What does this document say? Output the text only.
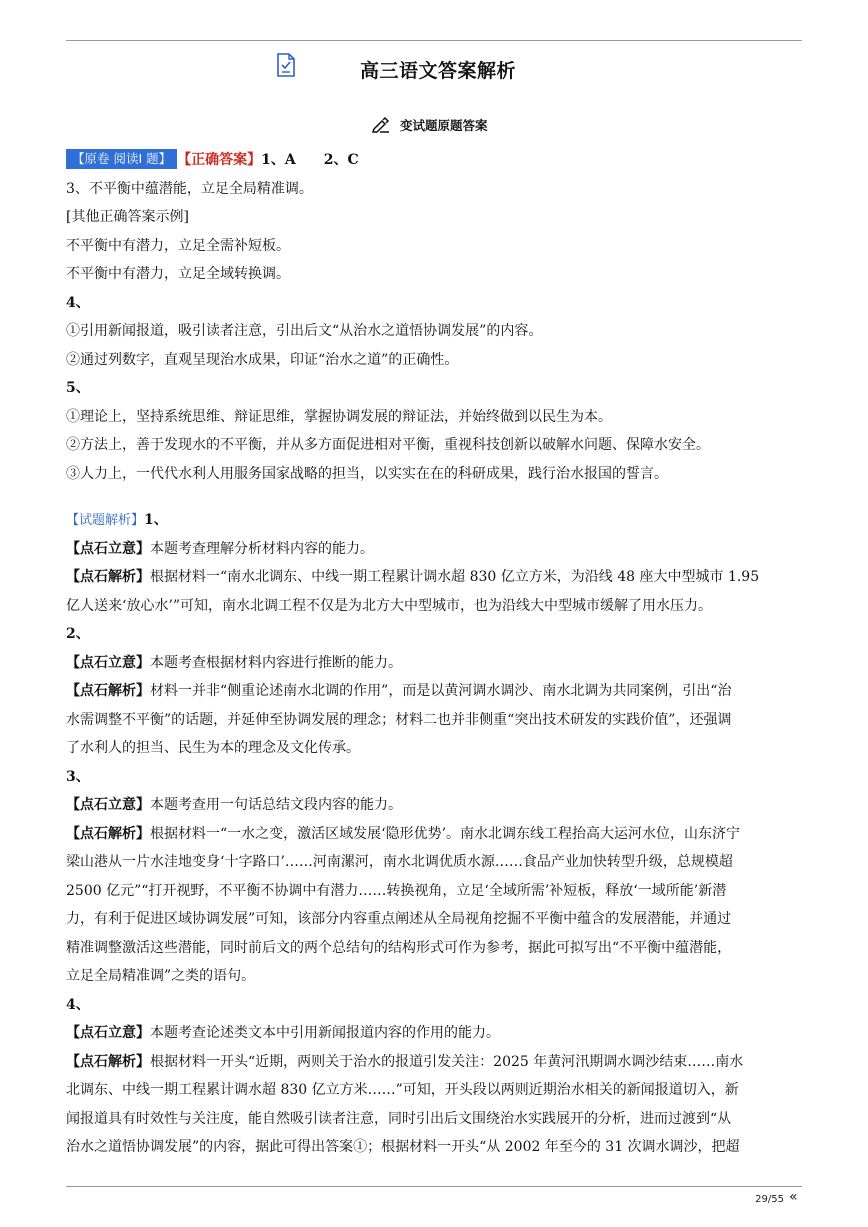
高三语文答案解析
变试题原题答案
【原卷 阅读Ⅰ 题】 【正确答案】1、A　　2、C
3、不平衡中蕴潜能，立足全局精准调。
[其他正确答案示例]
不平衡中有潜力，立足全需补短板。
不平衡中有潜力，立足全域转换调。
4、
①引用新闻报道，吸引读者注意，引出后文“从治水之道悟协调发展”的内容。
②通过列数字，直观呈现治水成果，印证“治水之道”的正确性。
5、
①理论上，坚持系统思维、辩证思维，掌握协调发展的辩证法，并始终做到以民生为本。
②方法上，善于发现水的不平衡，并从多方面促进相对平衡，重视科技创新以破解水问题、保障水安全。
③人力上，一代代水利人用服务国家战略的担当，以实实在在的科研成果，践行治水报国的誓言。
【试题解析】1、
【点石立意】本题考查理解分析材料内容的能力。
【点石解析】根据材料一“南水北调东、中线一期工程累计调水超 830 亿立方米，为沿线 48 座大中型城市 1.95
亿人送来‘放心水’”可知，南水北调工程不仅是为北方大中型城市，也为沿线大中型城市缓解了用水压力。
2、
【点石立意】本题考查根据材料内容进行推断的能力。
【点石解析】材料一并非“侧重论述南水北调的作用”，而是以黄河调水调沙、南水北调为共同案例，引出“治
水需调整不平衡”的话题，并延伸至协调发展的理念；材料二也并非侧重“突出技术研发的实践价值”，还强调
了水利人的担当、民生为本的理念及文化传承。
3、
【点石立意】本题考查用一句话总结文段内容的能力。
【点石解析】根据材料一“一水之变，激活区域发展‘隐形优势’。南水北调东线工程抬高大运河水位，山东济宁
梁山港从一片水洼地变身‘十字路口’……河南漯河，南水北调优质水源……食品产业加快转型升级，总规模超
2500 亿元”“打开视野，不平衡不协调中有潜力……转换视角，立足‘全域所需’补短板，释放‘一域所能’新潜
力，有利于促进区域协调发展”可知，该部分内容重点阐述从全局视角挖掘不平衡中蕴含的发展潜能，并通过
精准调整激活这些潜能，同时前后文的两个总结句的结构形式可作为参考，据此可拟写出“不平衡中蕴潜能，
立足全局精准调”之类的语句。
4、
【点石立意】本题考查论述类文本中引用新闻报道内容的作用的能力。
【点石解析】根据材料一开头“近期，两则关于治水的报道引发关注：2025 年黄河汛期调水调沙结束……南水
北调东、中线一期工程累计调水超 830 亿立方米……”可知，开头段以两则近期治水相关的新闻报道切入，新
闻报道具有时效性与关注度，能自然吸引读者注意，同时引出后文围绕治水实践展开的分析，进而过渡到“从
治水之道悟协调发展”的内容，据此可得出答案①；根据材料一开头“从 2002 年至今的 31 次调水调沙，把超
29/55 «
